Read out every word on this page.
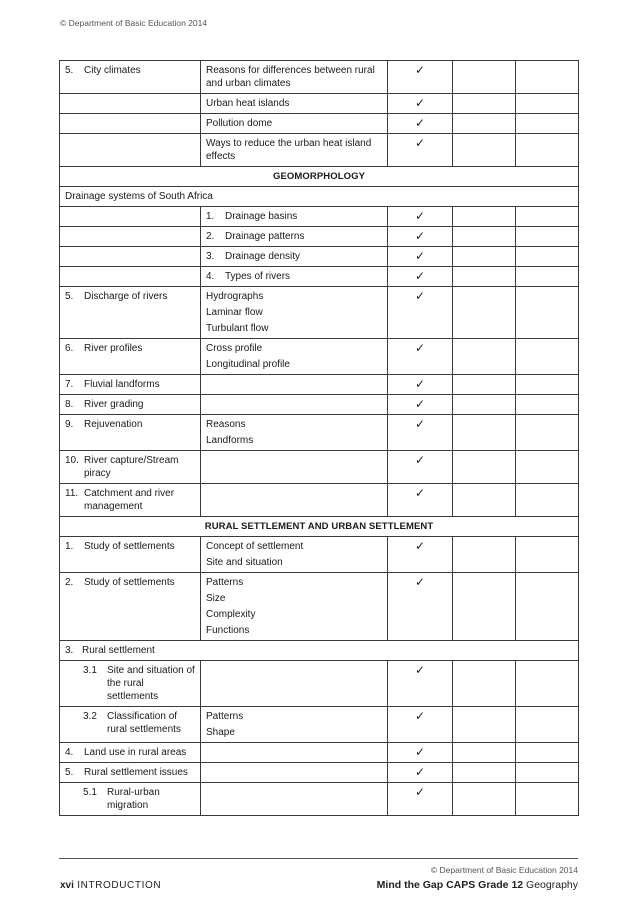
© Department of Basic Education 2014
5. City climates	Reasons for differences between rural and urban climates	✓		

	Urban heat islands	✓		

	Pollution dome	✓		

	Ways to reduce the urban heat island effects	✓		
GEOMORPHOLOGY				
Drainage systems of South Africa				

	1. Drainage basins	✓		

	2. Drainage patterns	✓		

	3. Drainage density	✓		

	4. Types of rivers	✓		

5. Discharge of rivers	Hydrographs
Laminar flow
Turbulant flow	✓		

6. River profiles	Cross profile
Longitudinal profile	✓		

7. Fluvial landforms		✓		

8. River grading		✓		

9. Rejuvenation	Reasons
Landforms	✓		

10. River capture/Stream piracy		✓		

11. Catchment and river management		✓		
RURAL SETTLEMENT AND URBAN SETTLEMENT				

1. Study of settlements	Concept of settlement
Site and situation	✓		

2. Study of settlements	Patterns
Size
Complexity
Functions	✓		
3. Rural settlement				

3.1 Site and situation of the rural settlements		✓		

3.2 Classification of rural settlements	Patterns
Shape	✓		

4. Land use in rural areas		✓		

5. Rural settlement issues		✓		

5.1 Rural-urban migration		✓		
© Department of Basic Education 2014
xvi INTRODUCTION	Mind the Gap CAPS Grade 12 Geography
